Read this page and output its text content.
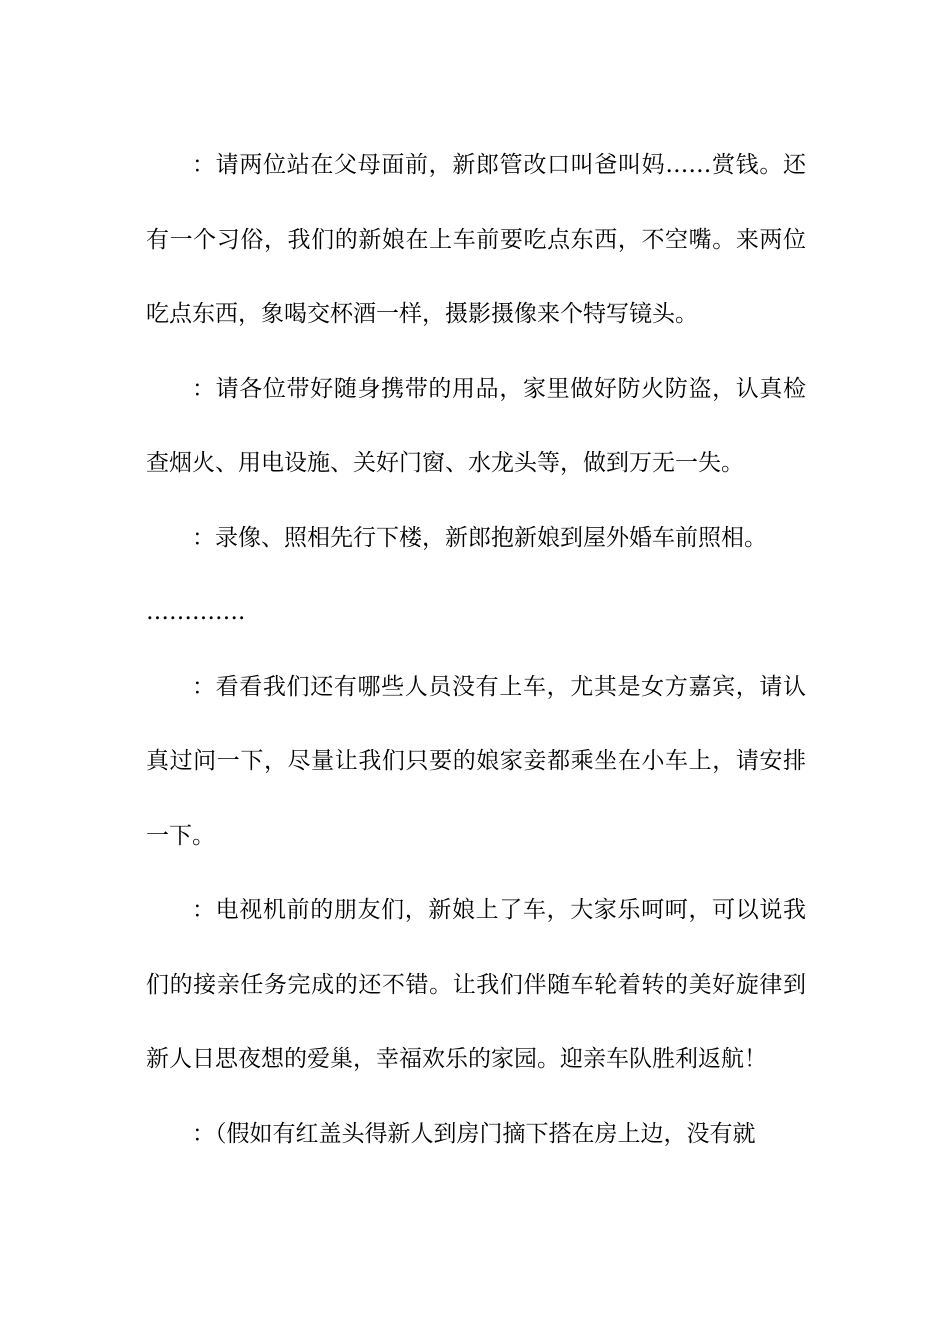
：请两位站在父母面前，新郎管改口叫爸叫妈……赏钱。还有一个习俗，我们的新娘在上车前要吃点东西，不空嘴。来两位吃点东西，象喝交杯酒一样，摄影摄像来个特写镜头。

：请各位带好随身携带的用品，家里做好防火防盗，认真检查烟火、用电设施、关好门窗、水龙头等，做到万无一失。

：录像、照相先行下楼，新郎抱新娘到屋外婚车前照相。

………….

：看看我们还有哪些人员没有上车，尤其是女方嘉宾，请认真过问一下，尽量让我们只要的娘家妾都乘坐在小车上，请安排一下。

：电视机前的朋友们，新娘上了车，大家乐呵呵，可以说我们的接亲任务完成的还不错。让我们伴随车轮着转的美好旋律到新人日思夜想的爱巢，幸福欢乐的家园。迎亲车队胜利返航！

：（假如有红盖头得新人到房门摘下搭在房上边，没有就
